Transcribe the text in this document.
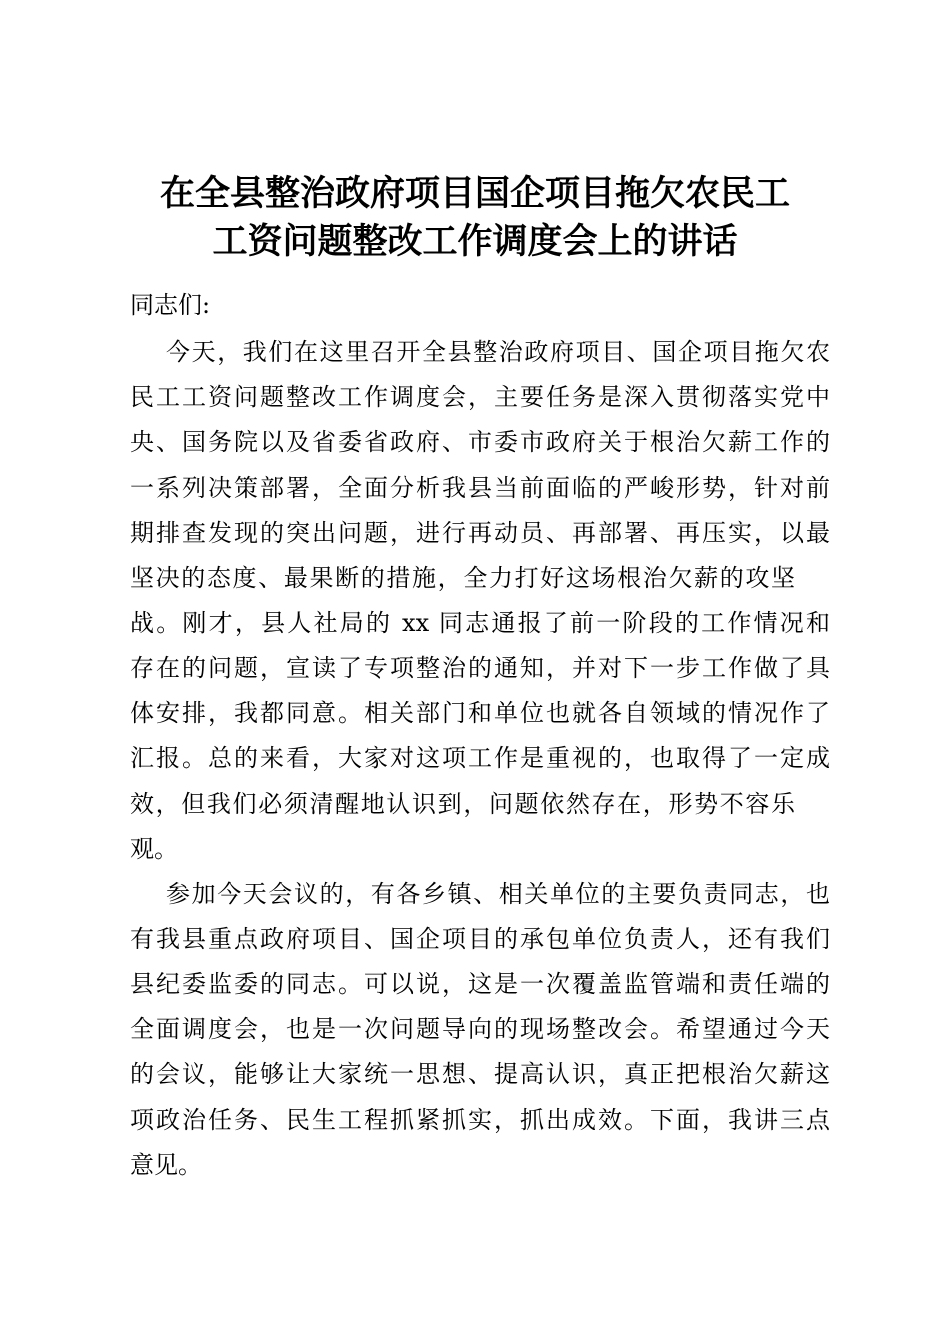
在全县整治政府项目国企项目拖欠农民工
工资问题整改工作调度会上的讲话
同志们:
今天，我们在这里召开全县整治政府项目、国企项目拖欠农
民工工资问题整改工作调度会，主要任务是深入贯彻落实党中
央、国务院以及省委省政府、市委市政府关于根治欠薪工作的
一系列决策部署，全面分析我县当前面临的严峻形势，针对前
期排查发现的突出问题，进行再动员、再部署、再压实，以最
坚决的态度、最果断的措施，全力打好这场根治欠薪的攻坚
战。刚才，县人社局的 xx 同志通报了前一阶段的工作情况和
存在的问题，宣读了专项整治的通知，并对下一步工作做了具
体安排，我都同意。相关部门和单位也就各自领域的情况作了
汇报。总的来看，大家对这项工作是重视的，也取得了一定成
效，但我们必须清醒地认识到，问题依然存在，形势不容乐
观。
参加今天会议的，有各乡镇、相关单位的主要负责同志，也
有我县重点政府项目、国企项目的承包单位负责人，还有我们
县纪委监委的同志。可以说，这是一次覆盖监管端和责任端的
全面调度会，也是一次问题导向的现场整改会。希望通过今天
的会议，能够让大家统一思想、提高认识，真正把根治欠薪这
项政治任务、民生工程抓紧抓实，抓出成效。下面，我讲三点
意见。
